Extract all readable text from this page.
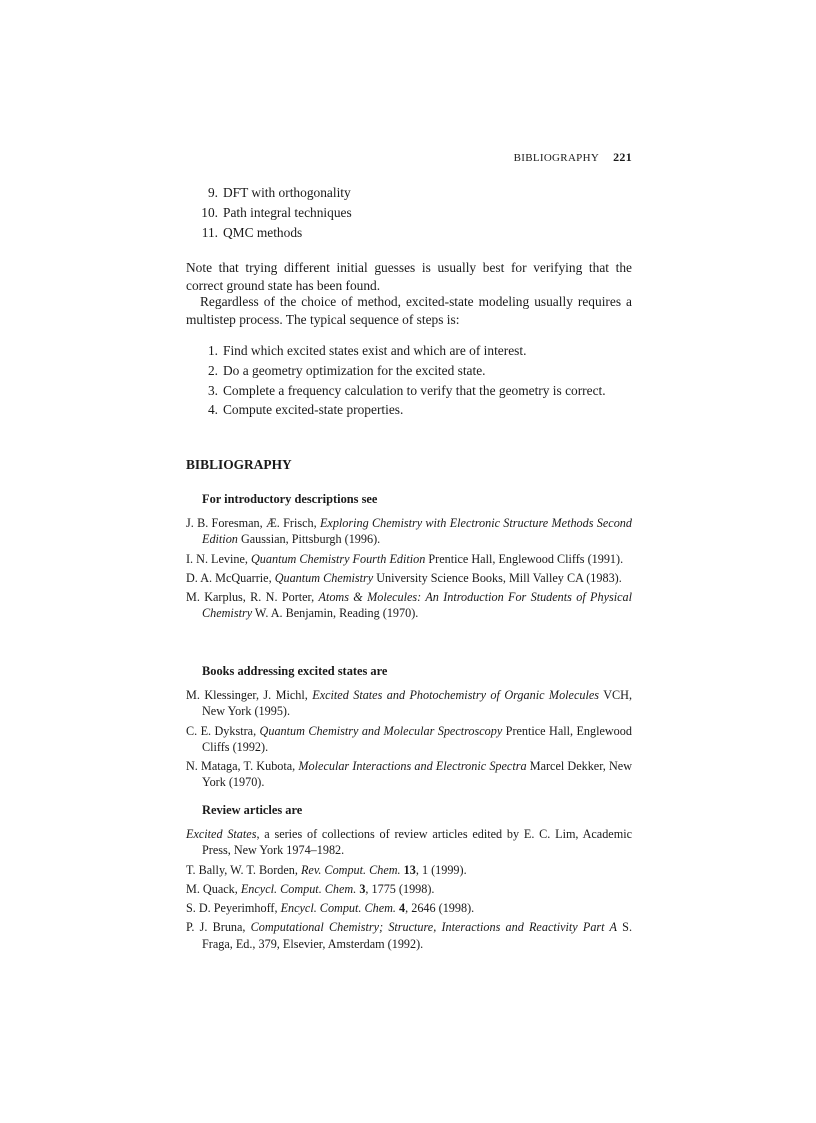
BIBLIOGRAPHY 221
9. DFT with orthogonality
10. Path integral techniques
11. QMC methods

Note that trying different initial guesses is usually best for verifying that the correct ground state has been found.

Regardless of the choice of method, excited-state modeling usually requires a multistep process. The typical sequence of steps is:

1. Find which excited states exist and which are of interest.
2. Do a geometry optimization for the excited state.
3. Complete a frequency calculation to verify that the geometry is correct.
4. Compute excited-state properties.
BIBLIOGRAPHY
For introductory descriptions see

J. B. Foresman, Æ. Frisch, Exploring Chemistry with Electronic Structure Methods Second Edition Gaussian, Pittsburgh (1996).

I. N. Levine, Quantum Chemistry Fourth Edition Prentice Hall, Englewood Cliffs (1991).

D. A. McQuarrie, Quantum Chemistry University Science Books, Mill Valley CA (1983).

M. Karplus, R. N. Porter, Atoms & Molecules: An Introduction For Students of Physical Chemistry W. A. Benjamin, Reading (1970).

Books addressing excited states are

M. Klessinger, J. Michl, Excited States and Photochemistry of Organic Molecules VCH, New York (1995).

C. E. Dykstra, Quantum Chemistry and Molecular Spectroscopy Prentice Hall, Englewood Cliffs (1992).

N. Mataga, T. Kubota, Molecular Interactions and Electronic Spectra Marcel Dekker, New York (1970).

Review articles are

Excited States, a series of collections of review articles edited by E. C. Lim, Academic Press, New York 1974–1982.

T. Bally, W. T. Borden, Rev. Comput. Chem. 13, 1 (1999).

M. Quack, Encycl. Comput. Chem. 3, 1775 (1998).

S. D. Peyerimhoff, Encycl. Comput. Chem. 4, 2646 (1998).

P. J. Bruna, Computational Chemistry; Structure, Interactions and Reactivity Part A S. Fraga, Ed., 379, Elsevier, Amsterdam (1992).
